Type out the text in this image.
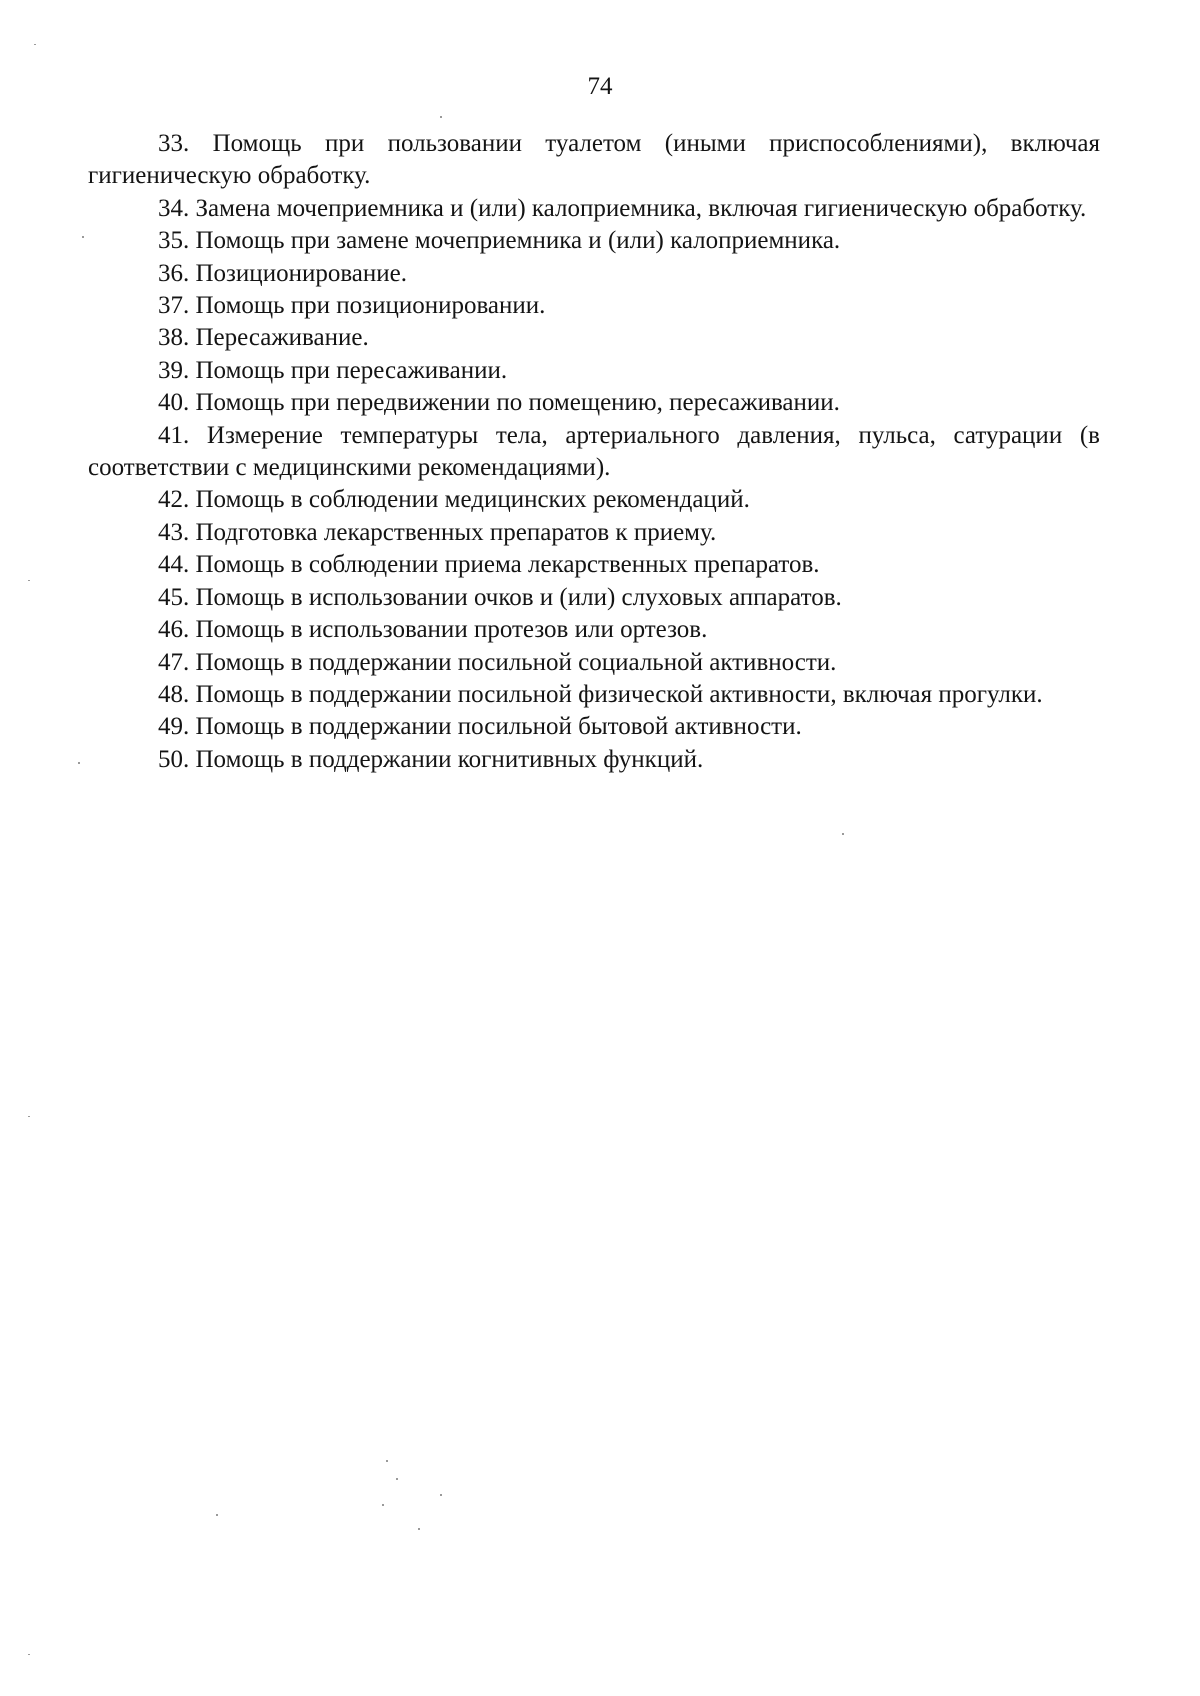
74

33. Помощь при пользовании туалетом (иными приспособлениями), включая гигиеническую обработку.

34. Замена мочеприемника и (или) калоприемника, включая гигиеническую обработку.

35. Помощь при замене мочеприемника и (или) калоприемника.

36. Позиционирование.

37. Помощь при позиционировании.

38. Пересаживание.

39. Помощь при пересаживании.

40. Помощь при передвижении по помещению, пересаживании.

41. Измерение температуры тела, артериального давления, пульса, сатурации (в соответствии с медицинскими рекомендациями).

42. Помощь в соблюдении медицинских рекомендаций.

43. Подготовка лекарственных препаратов к приему.

44. Помощь в соблюдении приема лекарственных препаратов.

45. Помощь в использовании очков и (или) слуховых аппаратов.

46. Помощь в использовании протезов или ортезов.

47. Помощь в поддержании посильной социальной активности.

48. Помощь в поддержании посильной физической активности, включая прогулки.

49. Помощь в поддержании посильной бытовой активности.

50. Помощь в поддержании когнитивных функций.
